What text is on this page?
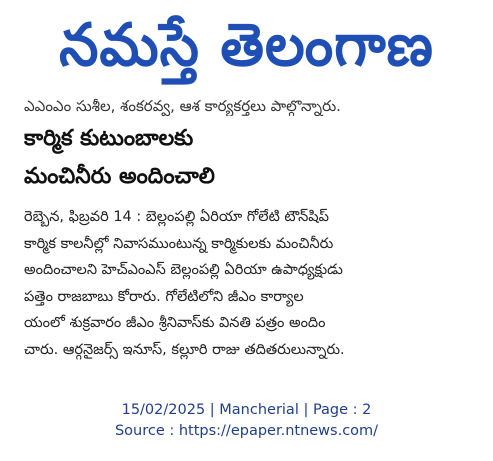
నమస్తే తెలంగాణ
ఎఎంఎం సుశీల, శంకరవ్వ, ఆశ కార్యకర్తలు పాల్గొన్నారు.
కార్మిక కుటుంబాలకు
మంచినీరు అందించాలి
రెబ్బెన, ఫిబ్రవరి 14 : బెల్లంపల్లి ఏరియా గోలేటి టౌన్‌షిప్
కార్మిక కాలనీల్లో నివాసముంటున్న కార్మికులకు మంచినీరు
అందించాలని హెచ్ఎంఎస్ బెల్లంపల్లి ఏరియా ఉపాధ్యక్షుడు
పత్తెం రాజబాబు కోరారు. గోలేటిలోని జీఎం కార్యాల
యంలో శుక్రవారం జీఎం శ్రీనివాస్‌కు వినతి పత్రం అందిం
చారు. ఆర్గనైజర్స్ ఇనూస్, కల్లూరి రాజు తదితరులున్నారు.
15/02/2025 | Mancherial | Page : 2
Source : https://epaper.ntnews.com/
